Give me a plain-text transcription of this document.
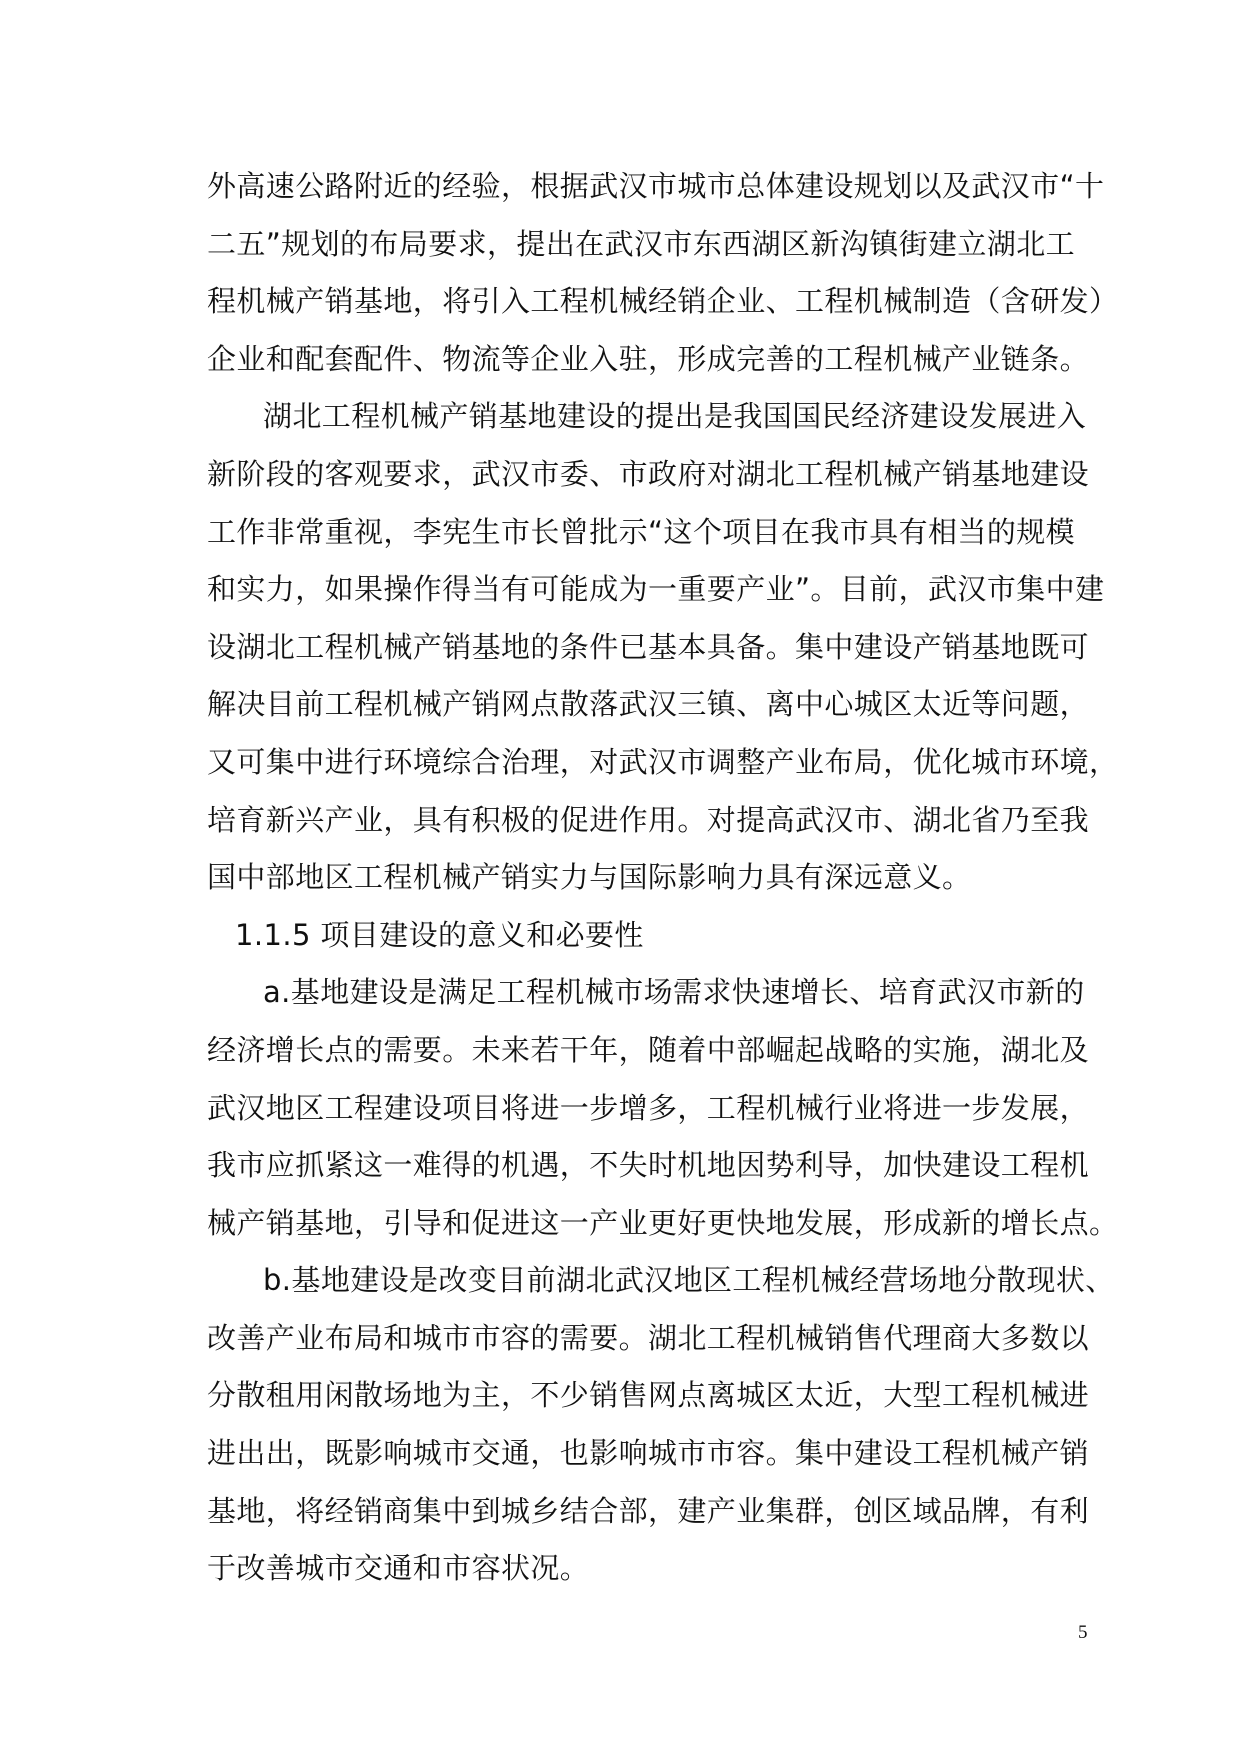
外高速公路附近的经验，根据武汉市城市总体建设规划以及武汉市“十
二五”规划的布局要求，提出在武汉市东西湖区新沟镇街建立湖北工
程机械产销基地，将引入工程机械经销企业、工程机械制造（含研发）
企业和配套配件、物流等企业入驻，形成完善的工程机械产业链条。
湖北工程机械产销基地建设的提出是我国国民经济建设发展进入
新阶段的客观要求，武汉市委、市政府对湖北工程机械产销基地建设
工作非常重视，李宪生市长曾批示“这个项目在我市具有相当的规模
和实力，如果操作得当有可能成为一重要产业”。目前，武汉市集中建
设湖北工程机械产销基地的条件已基本具备。集中建设产销基地既可
解决目前工程机械产销网点散落武汉三镇、离中心城区太近等问题，
又可集中进行环境综合治理，对武汉市调整产业布局，优化城市环境，
培育新兴产业，具有积极的促进作用。对提高武汉市、湖北省乃至我
国中部地区工程机械产销实力与国际影响力具有深远意义。
1.1.5 项目建设的意义和必要性
a.基地建设是满足工程机械市场需求快速增长、培育武汉市新的
经济增长点的需要。未来若干年，随着中部崛起战略的实施，湖北及
武汉地区工程建设项目将进一步增多，工程机械行业将进一步发展，
我市应抓紧这一难得的机遇，不失时机地因势利导，加快建设工程机
械产销基地，引导和促进这一产业更好更快地发展，形成新的增长点。
b.基地建设是改变目前湖北武汉地区工程机械经营场地分散现状、
改善产业布局和城市市容的需要。湖北工程机械销售代理商大多数以
分散租用闲散场地为主，不少销售网点离城区太近，大型工程机械进
进出出，既影响城市交通，也影响城市市容。集中建设工程机械产销
基地，将经销商集中到城乡结合部，建产业集群，创区域品牌，有利
于改善城市交通和市容状况。
5
